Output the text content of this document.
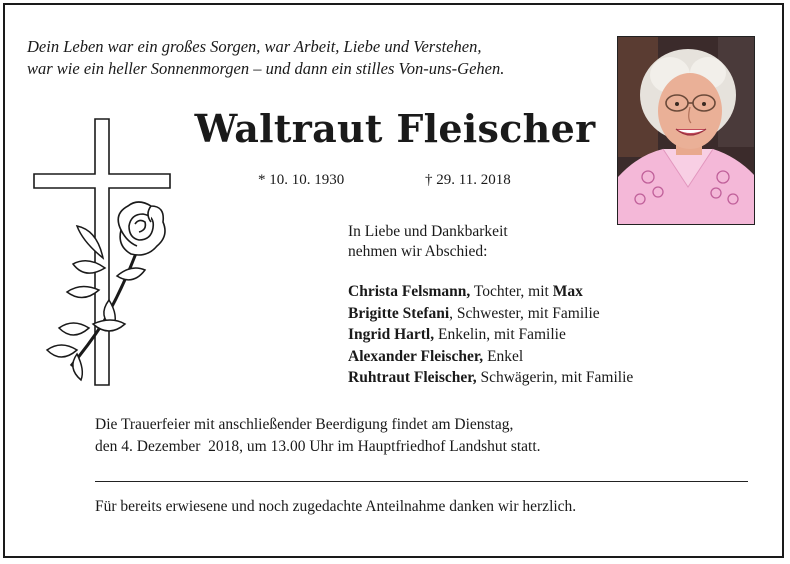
Dein Leben war ein großes Sorgen, war Arbeit, Liebe und Verstehen,
war wie ein heller Sonnenmorgen – und dann ein stilles Von-uns-Gehen.
Waltraut Fleischer
* 10. 10. 1930	† 29. 11. 2018
In Liebe und Dankbarkeit
nehmen wir Abschied:
Christa Felsmann, Tochter, mit Max
Brigitte Stefani, Schwester, mit Familie
Ingrid Hartl, Enkelin, mit Familie
Alexander Fleischer, Enkel
Ruhtraut Fleischer, Schwägerin, mit Familie
Die Trauerfeier mit anschließender Beerdigung findet am Dienstag,
den 4. Dezember  2018, um 13.00 Uhr im Hauptfriedhof Landshut statt.
Für bereits erwiesene und noch zugedachte Anteilnahme danken wir herzlich.
